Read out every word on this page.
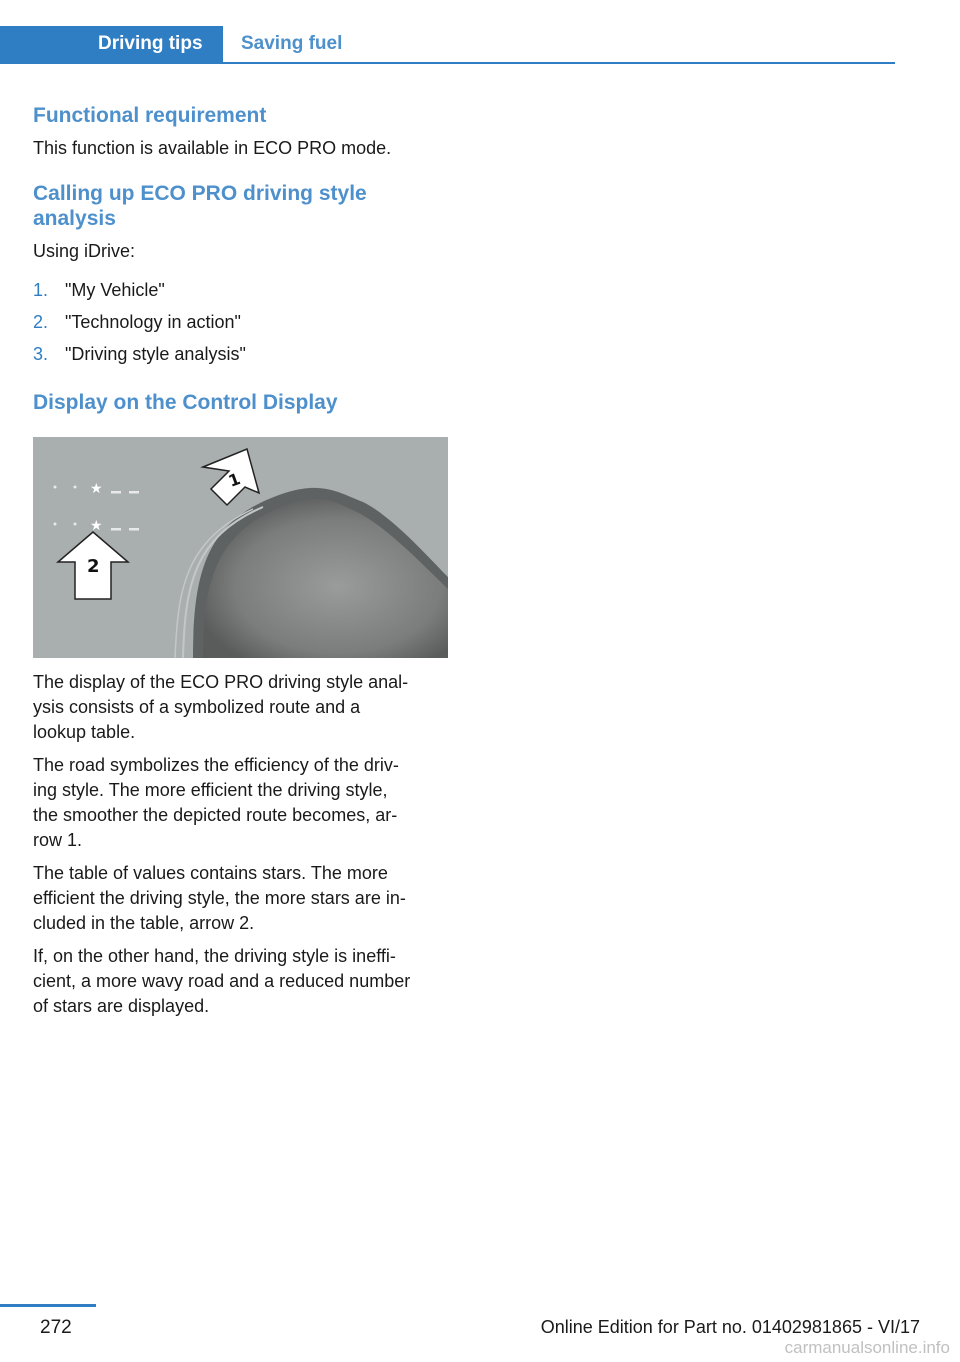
Driving tips Saving fuel
Functional requirement

This function is available in ECO PRO mode.

Calling up ECO PRO driving style
analysis

Using iDrive:

1. "My Vehicle"
2. "Technology in action"
3. "Driving style analysis"
Display on the Control Display
★
★
1
2

The display of the ECO PRO driving style anal-
ysis consists of a symbolized route and a
lookup table.

The road symbolizes the efficiency of the driv-
ing style. The more efficient the driving style,
the smoother the depicted route becomes, ar-
row 1.

The table of values contains stars. The more
efficient the driving style, the more stars are in-
cluded in the table, arrow 2.

If, on the other hand, the driving style is ineffi-
cient, a more wavy road and a reduced number
of stars are displayed.

272	Online Edition for Part no. 01402981865 - VI/17
carmanualsonline.info
